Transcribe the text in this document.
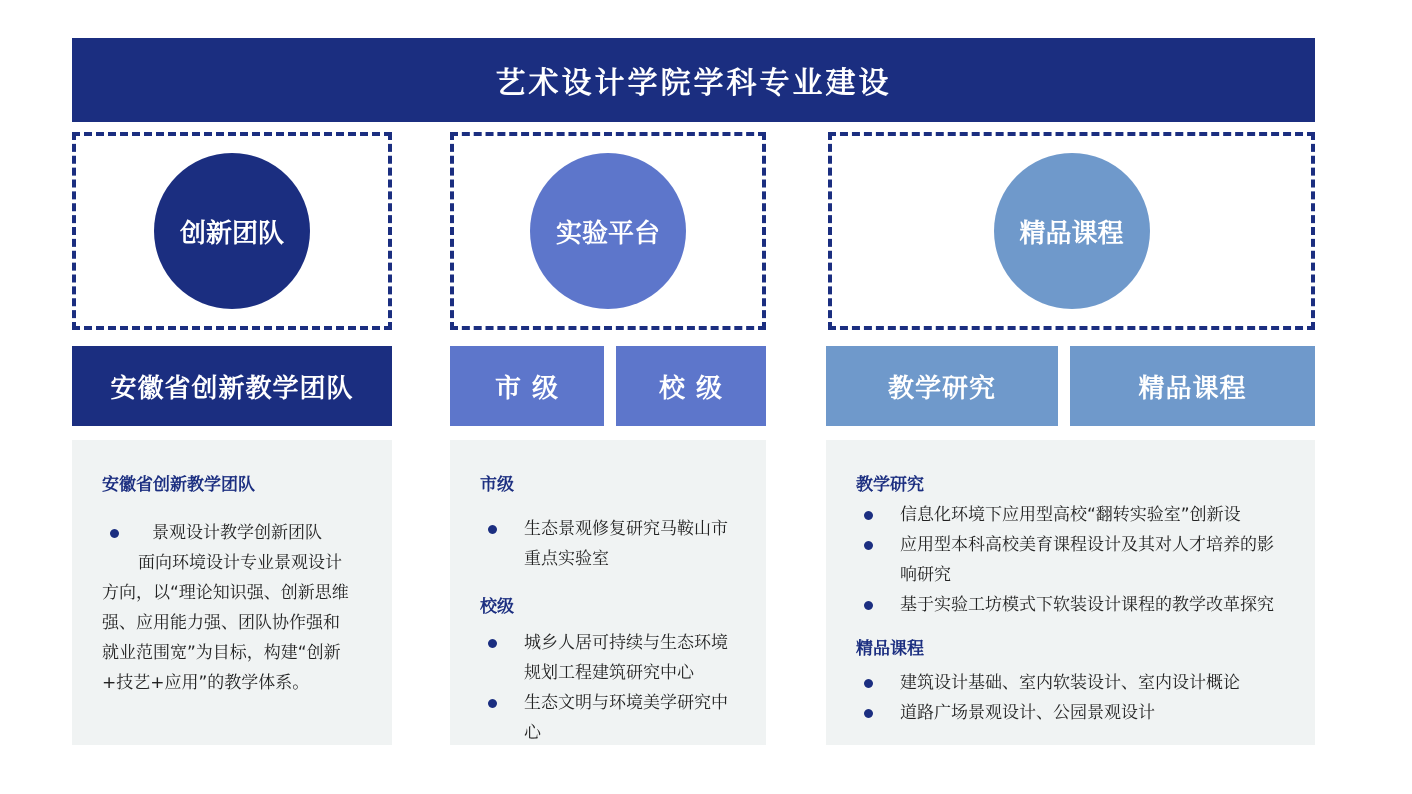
艺术设计学院学科专业建设
创新团队
安徽省创新教学团队
安徽省创新教学团队
景观设计教学创新团队
面向环境设计专业景观设计方向，以“理论知识强、创新思维强、应用能力强、团队协作强和就业范围宽”为目标，构建“创新+技艺+应用”的教学体系。
实验平台
市 级	校 级
市级
生态景观修复研究马鞍山市重点实验室
校级
城乡人居可持续与生态环境规划工程建筑研究中心
生态文明与环境美学研究中心
精品课程
教学研究	精品课程
教学研究
信息化环境下应用型高校“翻转实验室”创新设
应用型本科高校美育课程设计及其对人才培养的影响研究
基于实验工坊模式下软装设计课程的教学改革探究
精品课程
建筑设计基础、室内软装设计、室内设计概论
道路广场景观设计、公园景观设计
